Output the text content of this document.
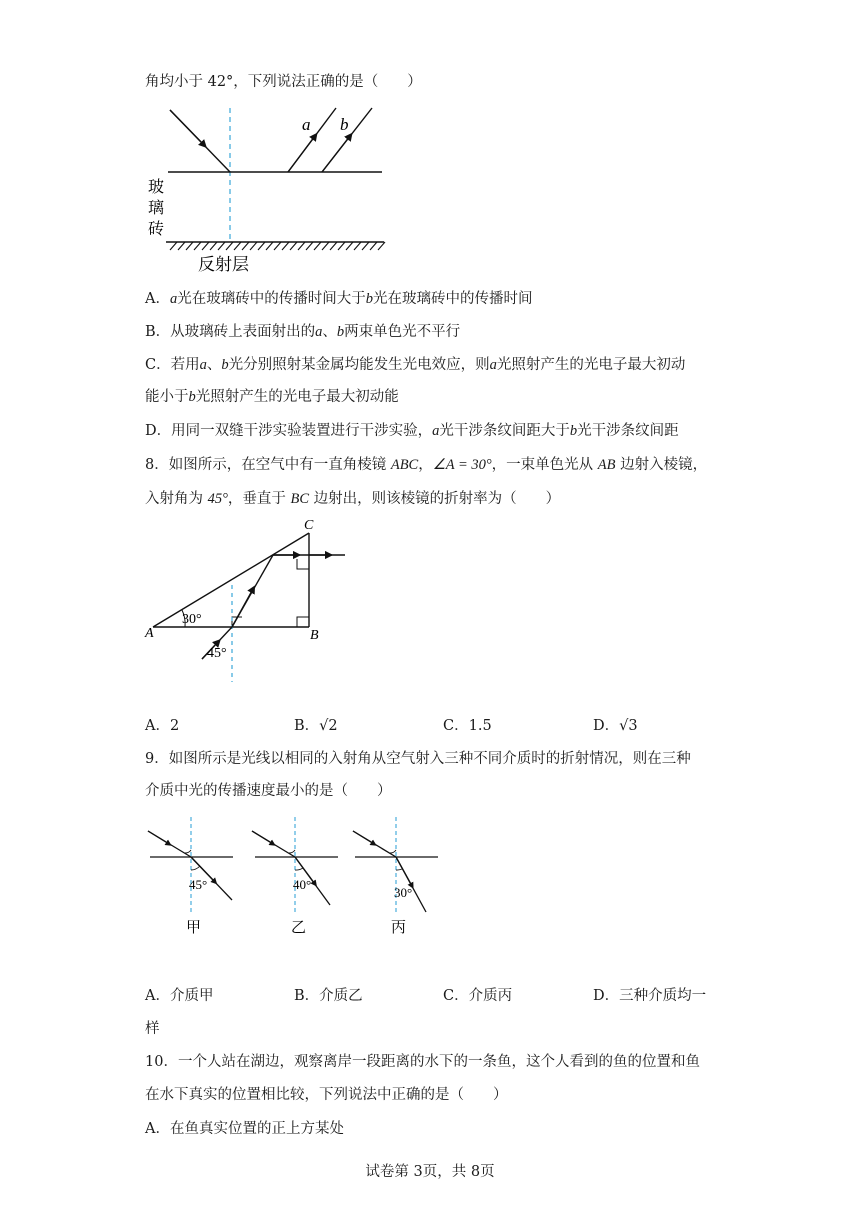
角均小于 42°，下列说法正确的是（　　）
a b
玻
璃
砖
反射层
A．a光在玻璃砖中的传播时间大于b光在玻璃砖中的传播时间
B．从玻璃砖上表面射出的a、b两束单色光不平行
C．若用a、b光分别照射某金属均能发生光电效应，则a光照射产生的光电子最大初动
能小于b光照射产生的光电子最大初动能
D．用同一双缝干涉实验装置进行干涉实验，a光干涉条纹间距大于b光干涉条纹间距
8．如图所示，在空气中有一直角棱镜 ABC，∠A = 30°，一束单色光从 AB 边射入棱镜，
入射角为 45°，垂直于 BC 边射出，则该棱镜的折射率为（　　）
A	B
C
30°
45°
A．2	B．√2	C．1.5	D．√3
9．如图所示是光线以相同的入射角从空气射入三种不同介质时的折射情况，则在三种
介质中光的传播速度最小的是（　　）
45°
甲
40°
乙
30°
丙
A．介质甲	B．介质乙	C．介质丙	D．三种介质均一
样
10．一个人站在湖边，观察离岸一段距离的水下的一条鱼，这个人看到的鱼的位置和鱼
在水下真实的位置相比较，下列说法中正确的是（　　）
A．在鱼真实位置的正上方某处
试卷第 3页，共 8页
